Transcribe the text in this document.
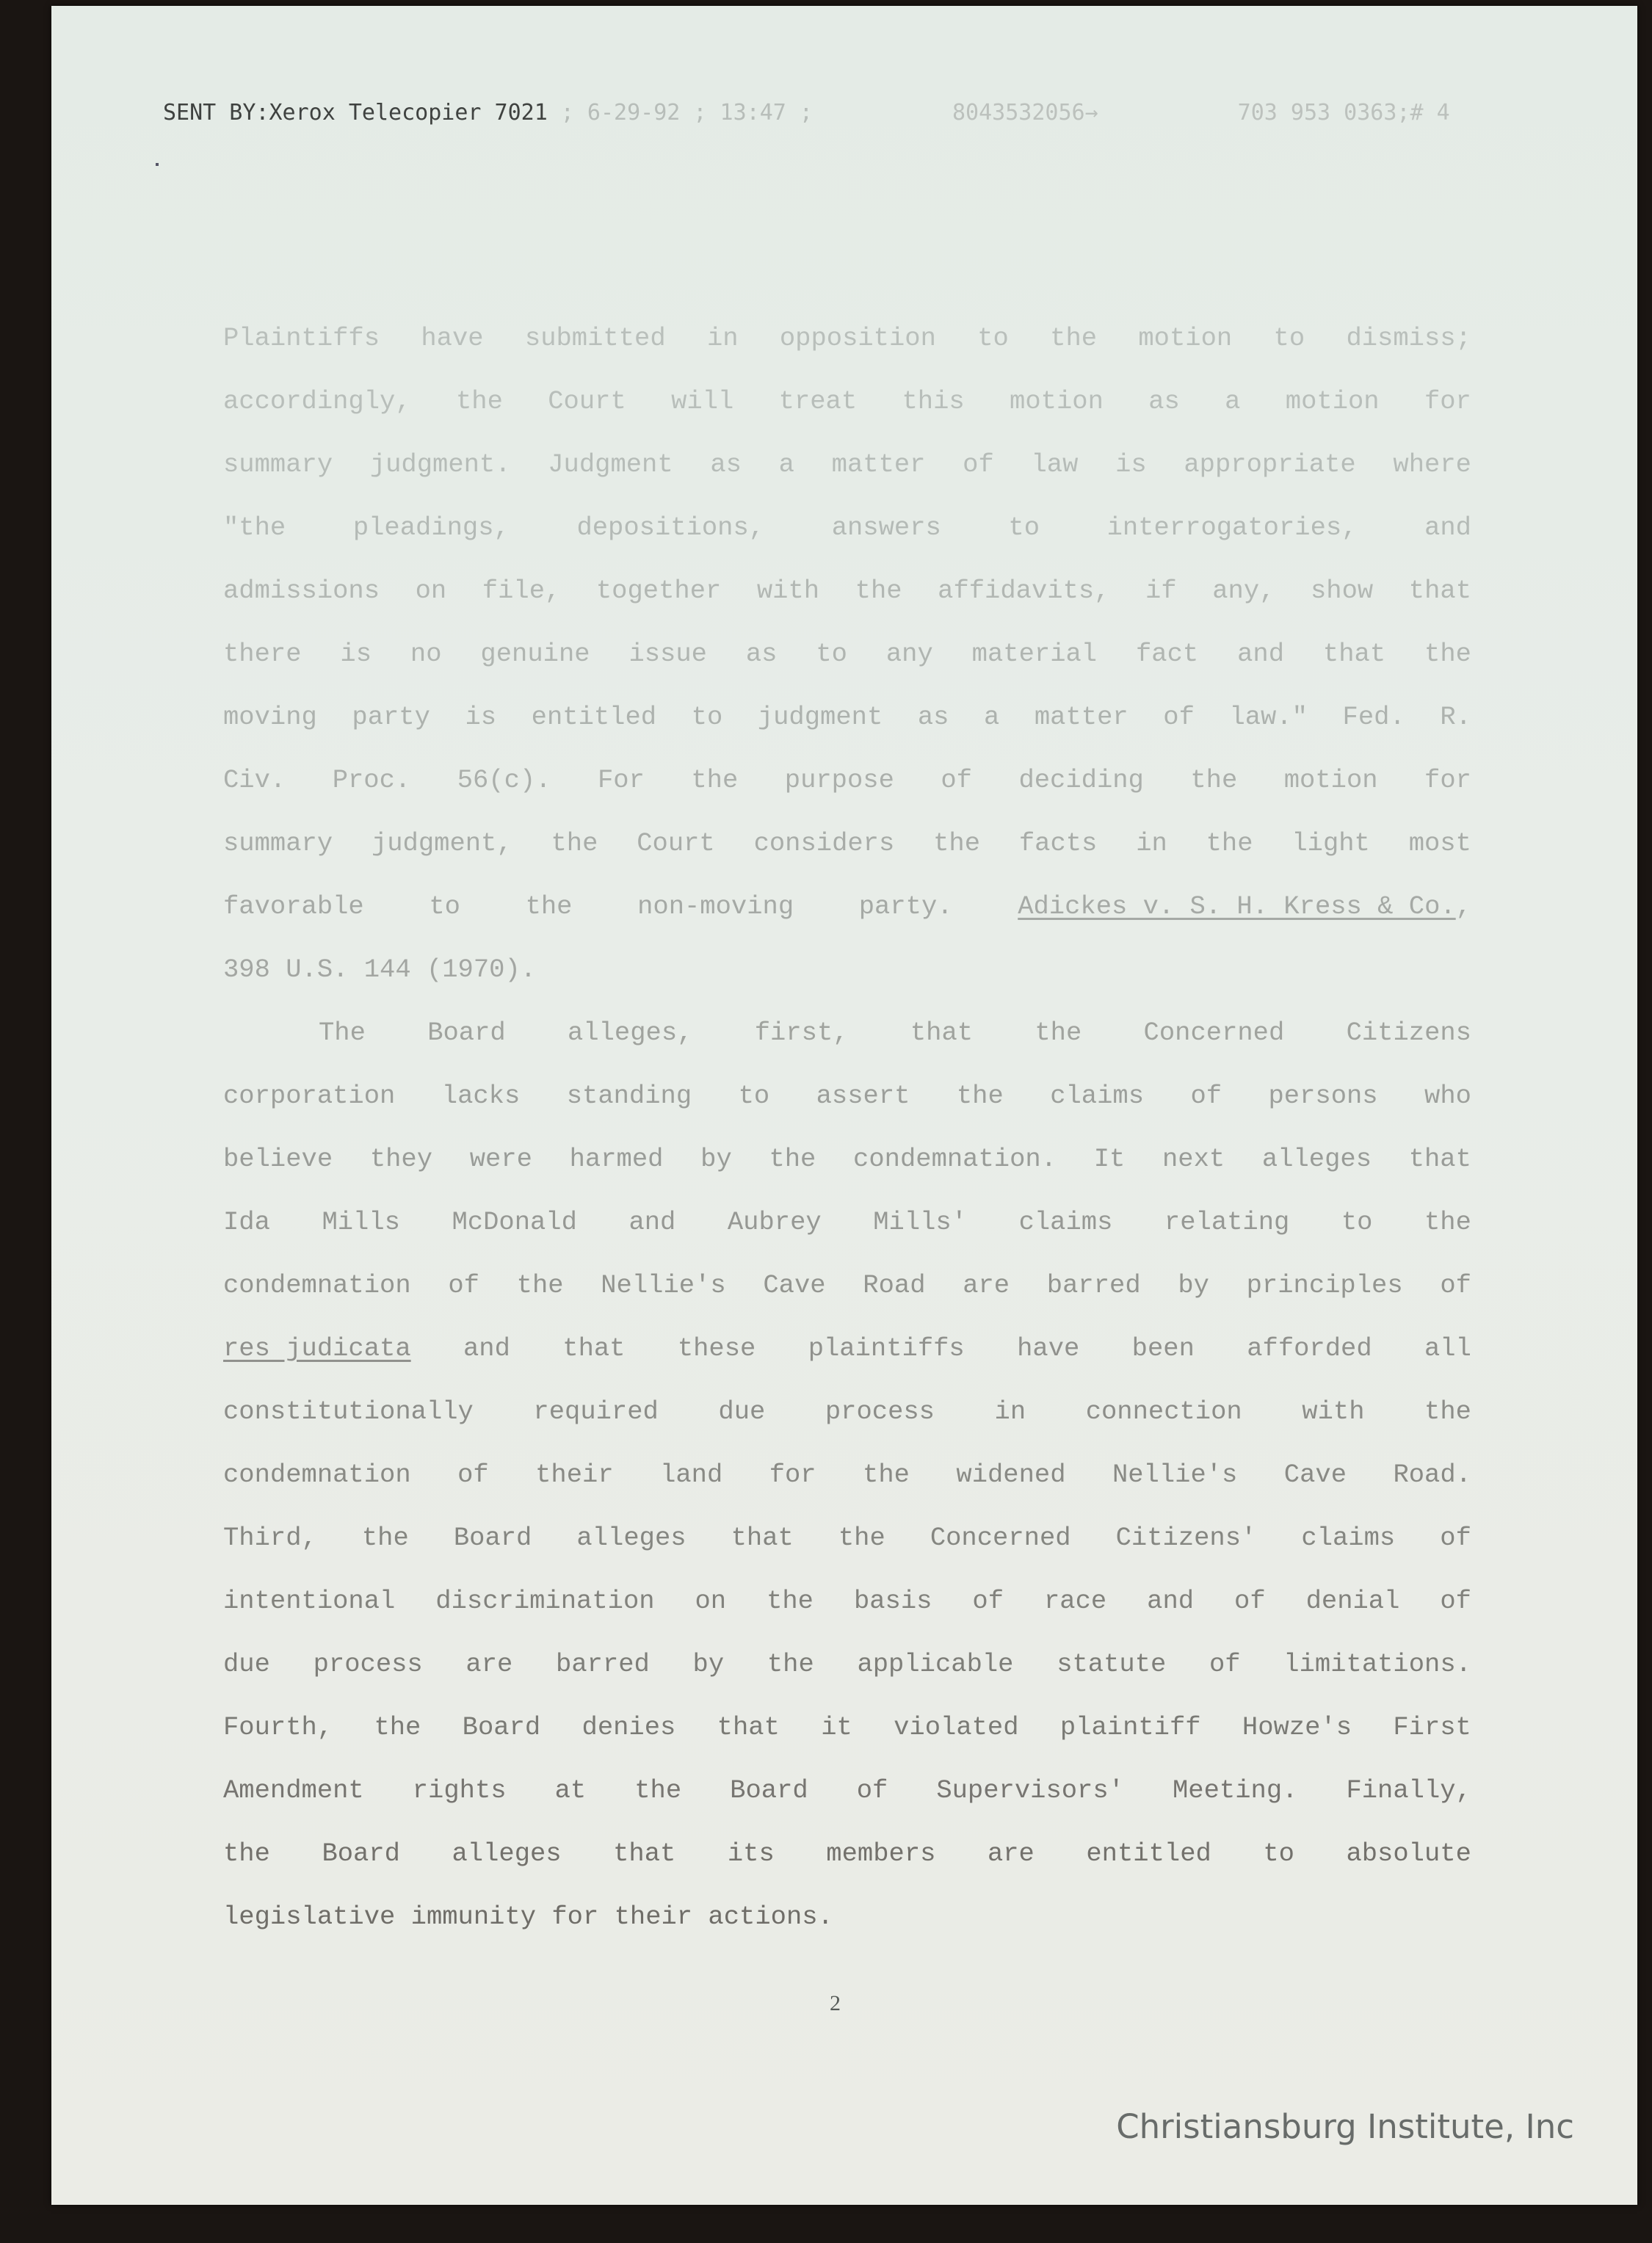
SENT BY:Xerox Telecopier 7021 ; 6-29-92 ; 13:47 ;	8043532056→	703 953 0363;# 4
Plaintiffs have submitted in opposition to the motion to dismiss;
accordingly, the Court will treat this motion as a motion for
summary judgment. Judgment as a matter of law is appropriate where
"the	pleadings,	depositions,	answers	to	interrogatories,	and
admissions on file, together with the affidavits, if any, show that
there is no genuine issue as to any material fact and that the
moving party is entitled to judgment as a matter of law." Fed. R.
Civ. Proc. 56(c). For the purpose of deciding the motion for
summary judgment, the Court considers the facts in the light most
favorable to the non-moving party. Adickes v. S. H. Kress & Co.,
398 U.S. 144 (1970).
The Board alleges, first, that the Concerned Citizens
corporation lacks standing to assert the claims of persons who
believe they were harmed by the condemnation. It next alleges that
Ida Mills McDonald and Aubrey Mills' claims relating to the
condemnation of the Nellie's Cave Road are barred by principles of
res judicata and that these plaintiffs have been afforded all
constitutionally required due process in connection with the
condemnation of their land for the widened Nellie's Cave Road.
Third, the Board alleges that the Concerned Citizens' claims of
intentional discrimination on the basis of race and of denial of
due process are barred by the applicable statute of limitations.
Fourth, the Board denies that it violated plaintiff Howze's First
Amendment rights at the Board of Supervisors' Meeting. Finally,
the Board alleges that its members are entitled to absolute
legislative immunity for their actions.
2
Christiansburg Institute, Inc
